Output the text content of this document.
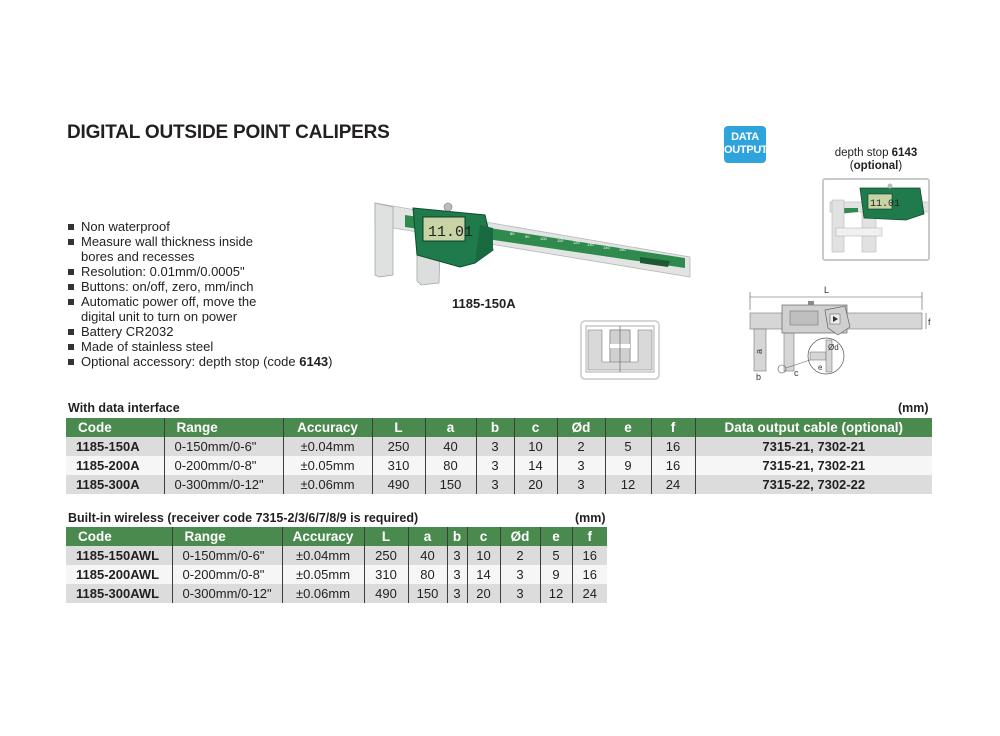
DIGITAL OUTSIDE POINT CALIPERS
Non waterproof
Measure wall thickness inside bores and recesses
Resolution: 0.01mm/0.0005"
Buttons: on/off, zero, mm/inch
Automatic power off, move the digital unit to turn on power
Battery CR2032
Made of stainless steel
Optional accessory: depth stop (code 6143)
80
90	100	110 120 130
140 150
11.01
1185-150A
DATA
OUTPUT	depth stop 6143
(optional)
11.01
L
f
a
b	c
Ød
e
With data interface	(mm)
Code	Range	Accuracy	L	a	b	c	Ød	e	f	Data output cable (optional)
1185-150A	0-150mm/0-6"	±0.04mm	250	40	3	10	2	5	16	7315-21, 7302-21
1185-200A	0-200mm/0-8"	±0.05mm	310	80	3	14	3	9	16	7315-21, 7302-21
1185-300A	0-300mm/0-12"	±0.06mm	490	150	3	20	3	12	24	7315-22, 7302-22
Built-in wireless (receiver code 7315-2/3/6/7/8/9 is required)	(mm)
Code	Range	Accuracy	L	a	b	c	Ød	e	f
1185-150AWL	0-150mm/0-6"	±0.04mm	250	40	3	10	2	5	16
1185-200AWL	0-200mm/0-8"	±0.05mm	310	80	3	14	3	9	16
1185-300AWL	0-300mm/0-12"	±0.06mm	490	150	3	20	3	12	24
